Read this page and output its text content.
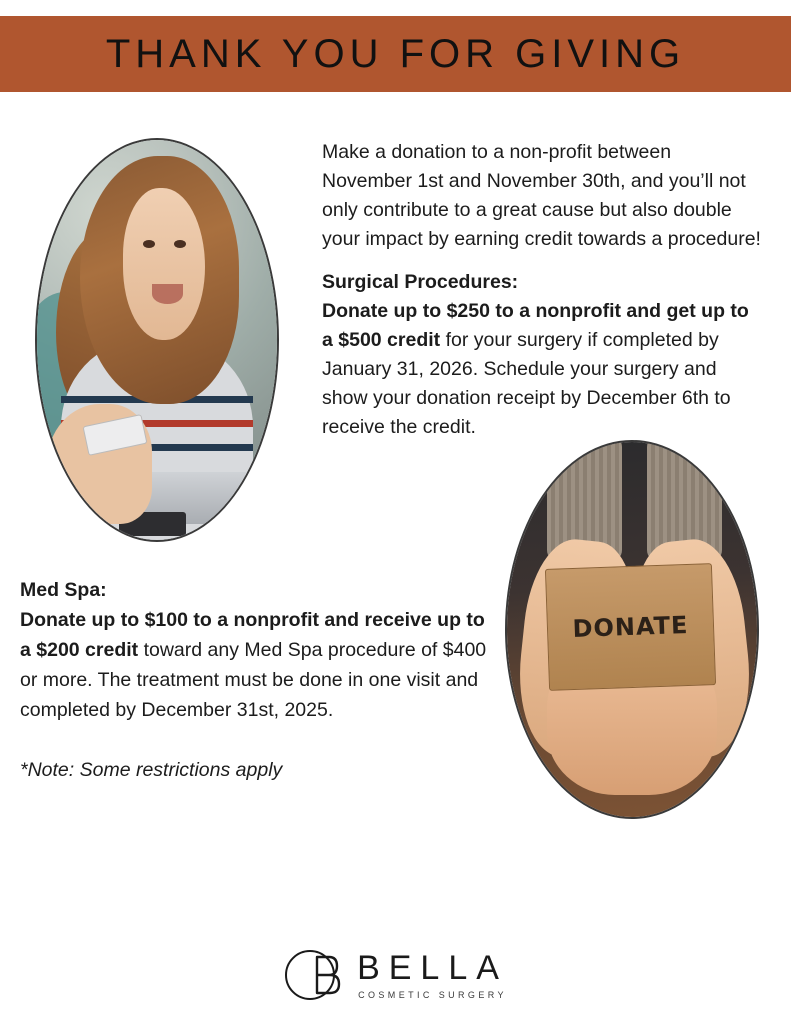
THANK YOU FOR GIVING

Make a donation to a non-profit between November 1st and November 30th, and you’ll not only contribute to a great cause but also double your impact by earning credit towards a procedure!

Surgical Procedures:
Donate up to $250 to a nonprofit and get up to a $500 credit for your surgery if completed by January 31, 2026. Schedule your surgery and show your donation receipt by December 6th to receive the credit.

Med Spa:
Donate up to $100 to a nonprofit and receive up to a $200 credit toward any Med Spa procedure of $400 or more. The treatment must be done in one visit and completed by December 31st, 2025.

*Note: Some restrictions apply
DONATE
BELLA
COSMETIC SURGERY
